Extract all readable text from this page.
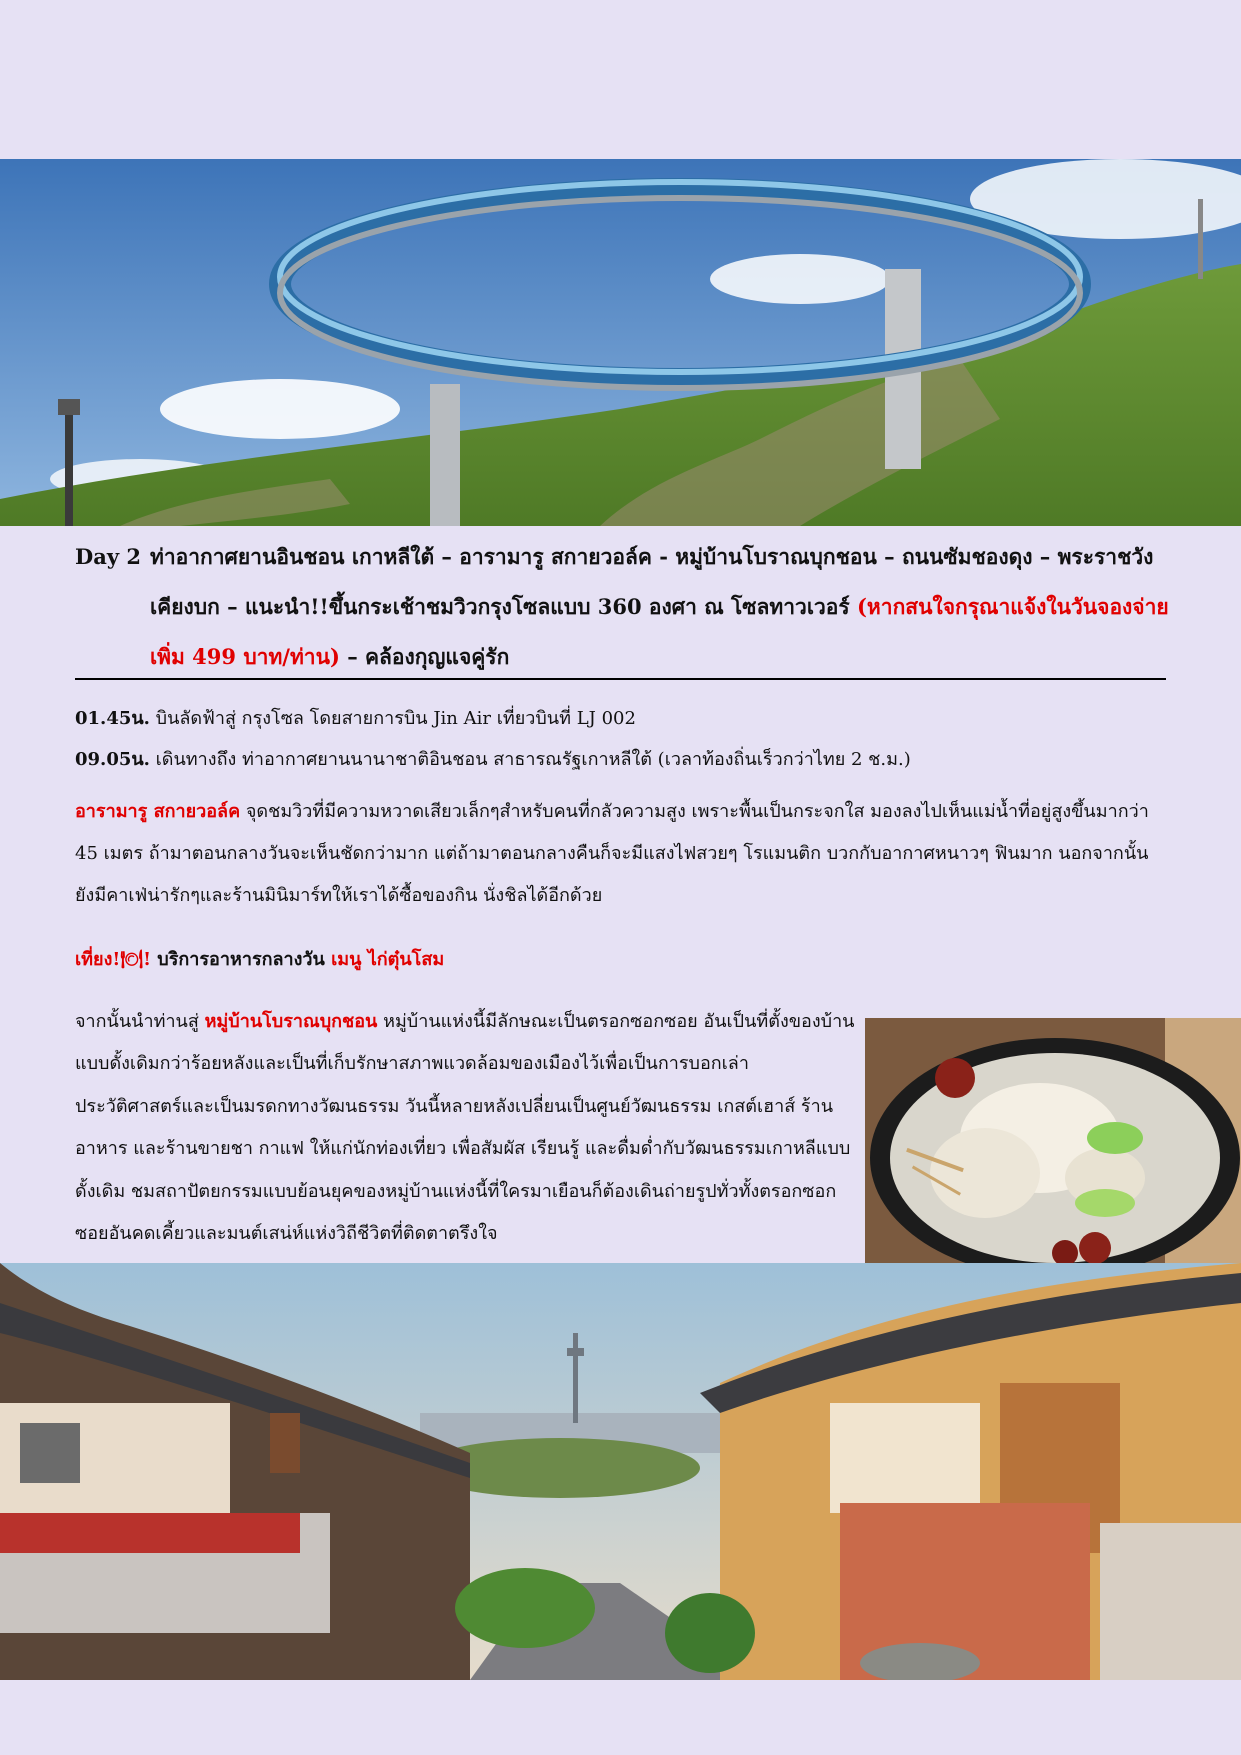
Day 2 ท่าอากาศยานอินชอน เกาหลีใต้ – อารามารู สกายวอล์ค - หมู่บ้านโบราณบุกชอน – ถนนซัมชองดุง – พระราชวังเคียงบก – แนะนำ!!ขึ้นกระเช้าชมวิวกรุงโซลแบบ 360 องศา ณ โซลทาวเวอร์ (หากสนใจกรุณาแจ้งในวันจองจ่ายเพิ่ม 499 บาท/ท่าน) – คล้องกุญแจคู่รัก
01.45น. บินลัดฟ้าสู่ กรุงโซล โดยสายการบิน Jin Air เที่ยวบินที่ LJ 002
09.05น. เดินทางถึง ท่าอากาศยานนานาชาติอินชอน สาธารณรัฐเกาหลีใต้ (เวลาท้องถิ่นเร็วกว่าไทย 2 ช.ม.)
อารามารู สกายวอล์ค จุดชมวิวที่มีความหวาดเสียวเล็กๆสำหรับคนที่กลัวความสูง เพราะพื้นเป็นกระจกใส มองลงไปเห็นแม่น้ำที่อยู่สูงขึ้นมากว่า 45 เมตร ถ้ามาตอนกลางวันจะเห็นชัดกว่ามาก แต่ถ้ามาตอนกลางคืนก็จะมีแสงไฟสวยๆ โรแมนติก บวกกับอากาศหนาวๆ ฟินมาก นอกจากนั้น ยังมีคาเฟ่น่ารักๆและร้านมินิมาร์ทให้เราได้ซื้อของกิน นั่งชิลได้อีกด้วย
เที่ยง!🍽! บริการอาหารกลางวัน เมนู ไก่ตุ๋นโสม
จากนั้นนำท่านสู่ หมู่บ้านโบราณบุกชอน หมู่บ้านแห่งนี้มีลักษณะเป็นตรอกซอกซอย อันเป็นที่ตั้งของบ้านแบบดั้งเดิมกว่าร้อยหลังและเป็นที่เก็บรักษาสภาพแวดล้อมของเมืองไว้เพื่อเป็นการบอกเล่าประวัติศาสตร์และเป็นมรดกทางวัฒนธรรม วันนี้หลายหลังเปลี่ยนเป็นศูนย์วัฒนธรรม เกสต์เฮาส์ ร้านอาหาร และร้านขายชา กาแฟ ให้แก่นักท่องเที่ยว เพื่อสัมผัส เรียนรู้ และดื่มด่ำกับวัฒนธรรมเกาหลีแบบดั้งเดิม ชมสถาปัตยกรรมแบบย้อนยุคของหมู่บ้านแห่งนี้ที่ใครมาเยือนก็ต้องเดินถ่ายรูปทั่วทั้งตรอกซอกซอยอันคดเคี้ยวและมนต์เสน่ห์แห่งวิถีชีวิตที่ติดตาตรึงใจ
